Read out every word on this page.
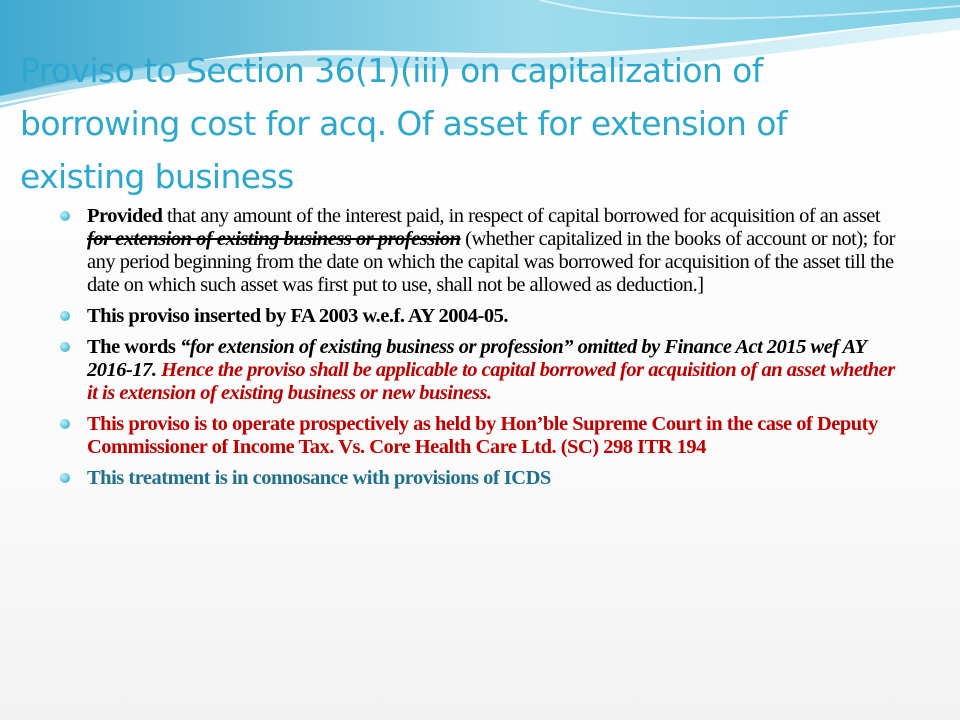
Proviso to Section 36(1)(iii) on capitalization of borrowing cost for acq. Of asset for extension of existing business
Provided that any amount of the interest paid, in respect of capital borrowed for acquisition of an asset for extension of existing business or profession (whether capitalized in the books of account or not); for any period beginning from the date on which the capital was borrowed for acquisition of the asset till the date on which such asset was first put to use, shall not be allowed as deduction.]
This proviso inserted by FA 2003 w.e.f. AY 2004-05.
The words “for extension of existing business or profession” omitted by Finance Act 2015 wef AY 2016-17. Hence the proviso shall be applicable to capital borrowed for acquisition of an asset whether it is extension of existing business or new business.
This proviso is to operate prospectively as held by Hon’ble Supreme Court in the case of Deputy Commissioner of Income Tax. Vs. Core Health Care Ltd. (SC) 298 ITR 194
This treatment is in connosance with provisions of ICDS
